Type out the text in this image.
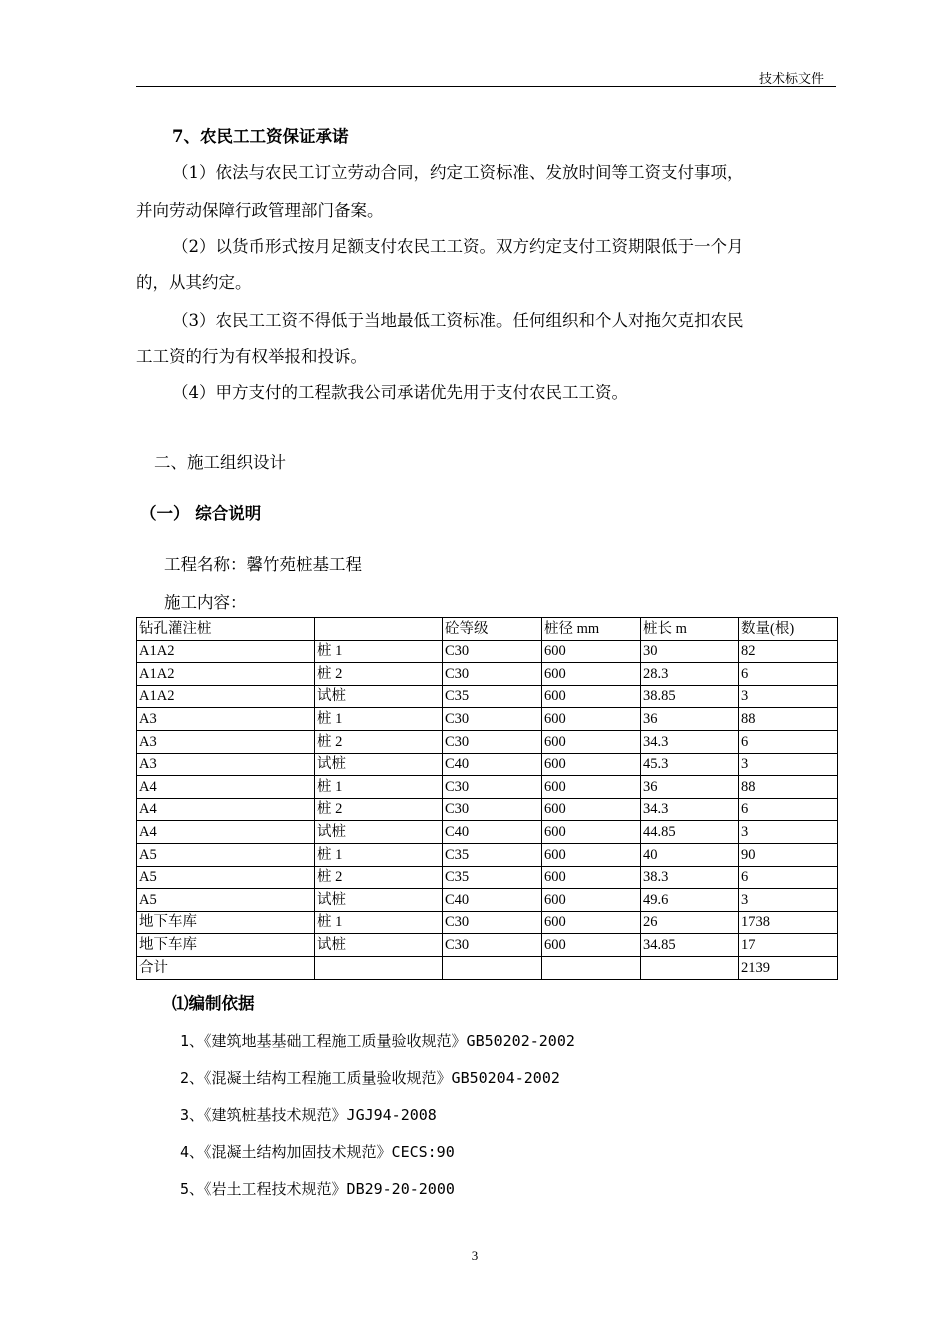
技术标文件
7、农民工工资保证承诺
（1）依法与农民工订立劳动合同，约定工资标准、发放时间等工资支付事项，
并向劳动保障行政管理部门备案。
（2）以货币形式按月足额支付农民工工资。双方约定支付工资期限低于一个月
的，从其约定。
（3）农民工工资不得低于当地最低工资标准。任何组织和个人对拖欠克扣农民
工工资的行为有权举报和投诉。
（4）甲方支付的工程款我公司承诺优先用于支付农民工工资。
二、施工组织设计
（一） 综合说明
工程名称：馨竹苑桩基工程
施工内容：
钻孔灌注桩		砼等级	桩径 mm	桩长 m	数量(根)
A1A2	桩 1	C30	600	30	82
A1A2	桩 2	C30	600	28.3	6
A1A2	试桩	C35	600	38.85	3
A3	桩 1	C30	600	36	88
A3	桩 2	C30	600	34.3	6
A3	试桩	C40	600	45.3	3
A4	桩 1	C30	600	36	88
A4	桩 2	C30	600	34.3	6
A4	试桩	C40	600	44.85	3
A5	桩 1	C35	600	40	90
A5	桩 2	C35	600	38.3	6
A5	试桩	C40	600	49.6	3
地下车库	桩 1	C30	600	26	1738
地下车库	试桩	C30	600	34.85	17
合计					2139
⑴编制依据
1、《建筑地基基础工程施工质量验收规范》GB50202-2002
2、《混凝土结构工程施工质量验收规范》GB50204-2002
3、《建筑桩基技术规范》JGJ94-2008
4、《混凝土结构加固技术规范》CECS:90
5、《岩土工程技术规范》DB29-20-2000
3
